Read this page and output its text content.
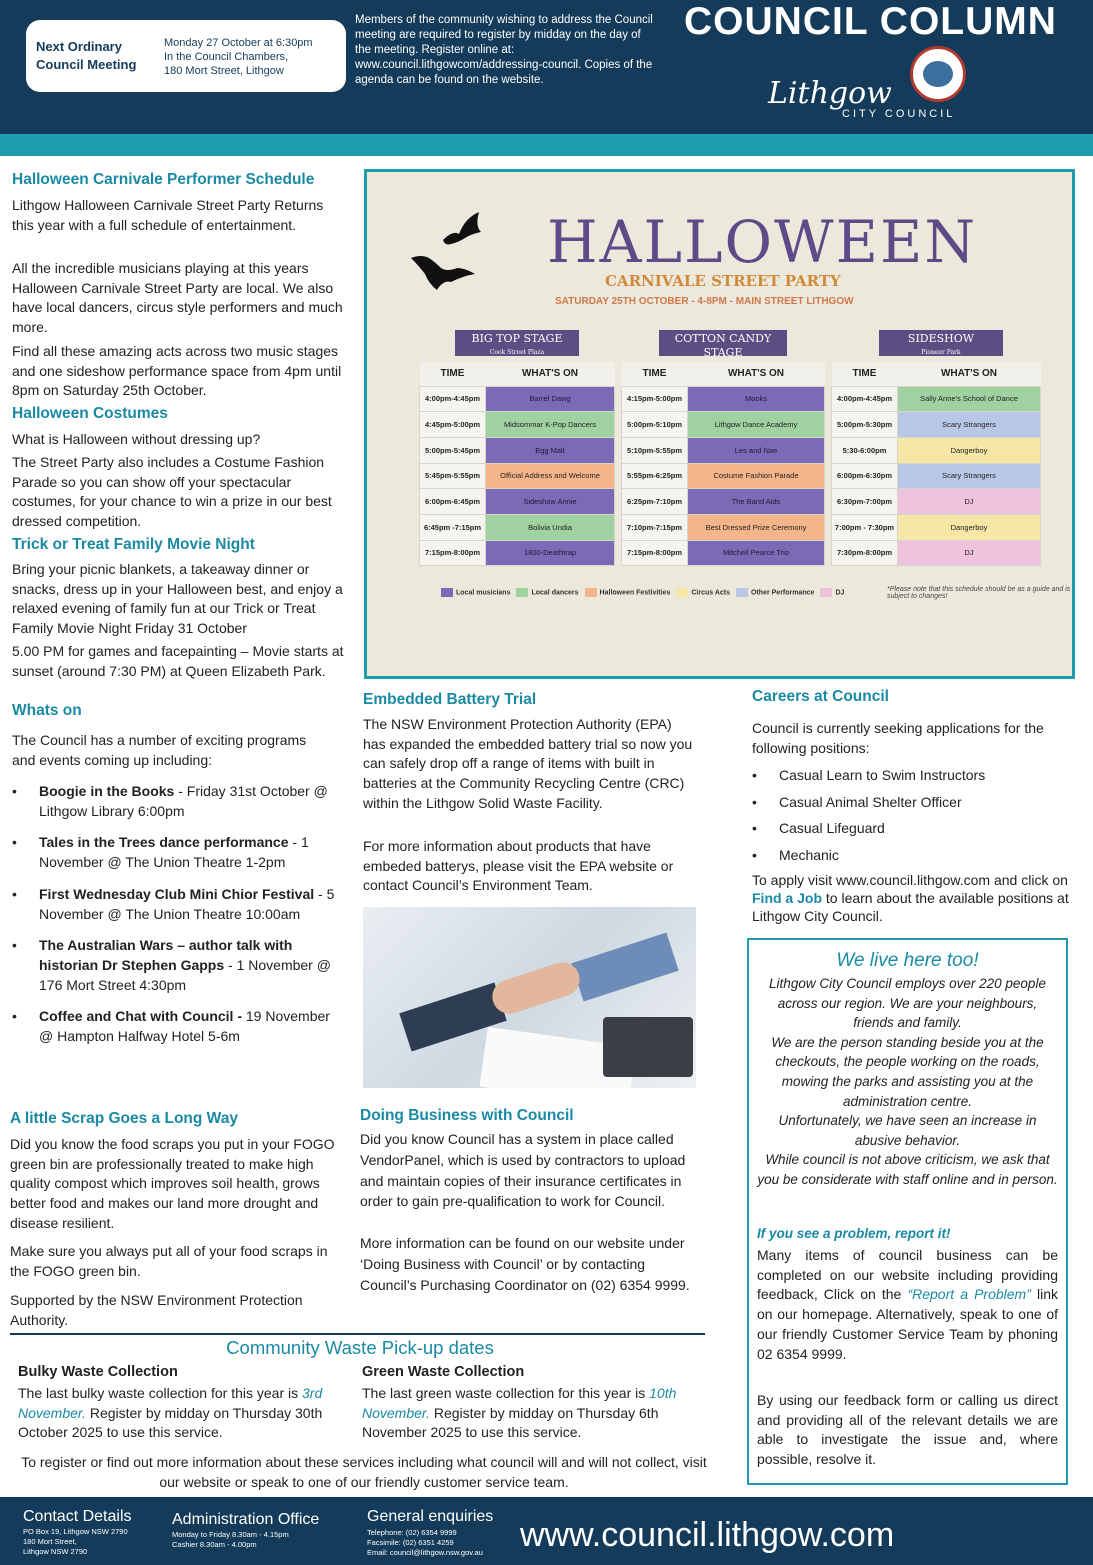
Next Ordinary Council Meeting
Monday 27 October at 6:30pm
In the Council Chambers,
180 Mort Street, Lithgow
Members of the community wishing to address the Council meeting are required to register by midday on the day of the meeting. Register online at: www.council.lithgowcom/addressing-council. Copies of the agenda can be found on the website.
COUNCIL COLUMN
Lithgow
CITY COUNCIL
Halloween Carnivale Performer Schedule
Lithgow Halloween Carnivale Street Party Returns this year with a full schedule of entertainment.
All the incredible musicians playing at this years Halloween Carnivale Street Party are local. We also have local dancers, circus style performers and much more.
Find all these amazing acts across two music stages and one sideshow performance space from 4pm until 8pm on Saturday 25th October.
Halloween Costumes
What is Halloween without dressing up?
The Street Party also includes a Costume Fashion Parade so you can show off your spectacular costumes, for your chance to win a prize in our best dressed competition.
Trick or Treat Family Movie Night
Bring your picnic blankets, a takeaway dinner or snacks, dress up in your Halloween best, and enjoy a relaxed evening of family fun at our Trick or Treat Family Movie Night Friday 31 October
5.00 PM for games and facepainting – Movie starts at sunset (around 7:30 PM) at Queen Elizabeth Park.
Whats on
The Council has a number of exciting programs and events coming up including:
• Boogie in the Books - Friday 31st October @ Lithgow Library 6:00pm
• Tales in the Trees dance performance - 1 November @ The Union Theatre 1-2pm
• First Wednesday Club Mini Chior Festival - 5 November @ The Union Theatre 10:00am
• The Australian Wars – author talk with historian Dr Stephen Gapps - 1 November @ 176 Mort Street 4:30pm
• Coffee and Chat with Council - 19 November @ Hampton Halfway Hotel 5-6m
A little Scrap Goes a Long Way
Did you know the food scraps you put in your FOGO green bin are professionally treated to make high quality compost which improves soil health, grows better food and makes our land more drought and disease resilient.
Make sure you always put all of your food scraps in the FOGO green bin.
Supported by the NSW Environment Protection Authority.
HALLOWEEN
CARNIVALE STREET PARTY
SATURDAY 25TH OCTOBER - 4-8PM - MAIN STREET LITHGOW
BIG TOP STAGE
Cook Street Plaza
COTTON CANDY STAGE
SIDESHOW
Pioneer Park
TIME	WHAT'S ON
4:00pm-4:45pm	Barrel Dawg
4:45pm-5:00pm	Midsommar K-Pop Dancers
5:00pm-5:45pm	Egg Malt
5:45pm-5:55pm	Official Address and Welcome
6:00pm-6:45pm	Sideshow Annie
6:45pm -7:15pm	Bolivia Undia
7:15pm-8:00pm	1800-Deathtrap
TIME	WHAT'S ON
4:15pm-5:00pm	Mooks
5:00pm-5:10pm	Lithgow Dance Academy
5:10pm-5:55pm	Les and Nae
5:55pm-6:25pm	Costume Fashion Parade
6:25pm-7:10pm	The Band Aids
7:10pm-7:15pm	Best Dressed Prize Ceremony
7:15pm-8:00pm	Mitchell Pearce Trio
TIME	WHAT'S ON
4:00pm-4:45pm	Sally Anne's School of Dance
5:00pm-5:30pm	Scary Strangers
5:30-6:00pm	Dangerboy
6:00pm-6:30pm	Scary Strangers
6:30pm-7:00pm	DJ
7:00pm - 7:30pm	Dangerboy
7:30pm-8:00pm	DJ
Local musicians	Local dancers	Halloween Festivities	Circus Acts	Other Performance	DJ	*Please note that this schedule should be as a guide and is subject to changes!
Embedded Battery Trial
The NSW Environment Protection Authority (EPA) has expanded the embedded battery trial so now you can safely drop off a range of items with built in batteries at the Community Recycling Centre (CRC) within the Lithgow Solid Waste Facility.
For more information about products that have embeded batterys, please visit the EPA website or contact Council’s Environment Team.
Doing Business with Council
Did you know Council has a system in place called VendorPanel, which is used by contractors to upload and maintain copies of their insurance certificates in order to gain pre-qualification to work for Council.
More information can be found on our website under ‘Doing Business with Council’ or by contacting Council’s Purchasing Coordinator on (02) 6354 9999.
Careers at Council
Council is currently seeking applications for the following positions:
• Casual Learn to Swim Instructors
• Casual Animal Shelter Officer
• Casual Lifeguard
• Mechanic
To apply visit www.council.lithgow.com and click on Find a Job to learn about the available positions at Lithgow City Council.
We live here too!
Lithgow City Council employs over 220 people across our region. We are your neighbours, friends and family.
We are the person standing beside you at the checkouts, the people working on the roads, mowing the parks and assisting you at the administration centre.
Unfortunately, we have seen an increase in abusive behavior.
While council is not above criticism, we ask that you be considerate with staff online and in person.
If you see a problem, report it!
Many items of council business can be completed on our website including providing feedback, Click on the “Report a Problem” link on our homepage. Alternatively, speak to one of our friendly Customer Service Team by phoning 02 6354 9999.
By using our feedback form or calling us direct and providing all of the relevant details we are able to investigate the issue and, where possible, resolve it.
Community Waste Pick-up dates
Bulky Waste Collection
The last bulky waste collection for this year is 3rd November. Register by midday on Thursday 30th October 2025 to use this service.
Green Waste Collection
The last green waste collection for this year is 10th November. Register by midday on Thursday 6th November 2025 to use this service.
To register or find out more information about these services including what council will and will not collect, visit our website or speak to one of our friendly customer service team.
Contact Details
PO Box 19, Lithgow NSW 2790
180 Mort Street,
Lithgow NSW 2790
Administration Office
Monday to Friday 8.30am - 4.15pm
Cashier 8.30am - 4.00pm
General enquiries
Telephone: (02) 6354 9999
Facsimile: (02) 6351 4259
Email: council@lithgow.nsw.gov.au www.council.lithgow.com
